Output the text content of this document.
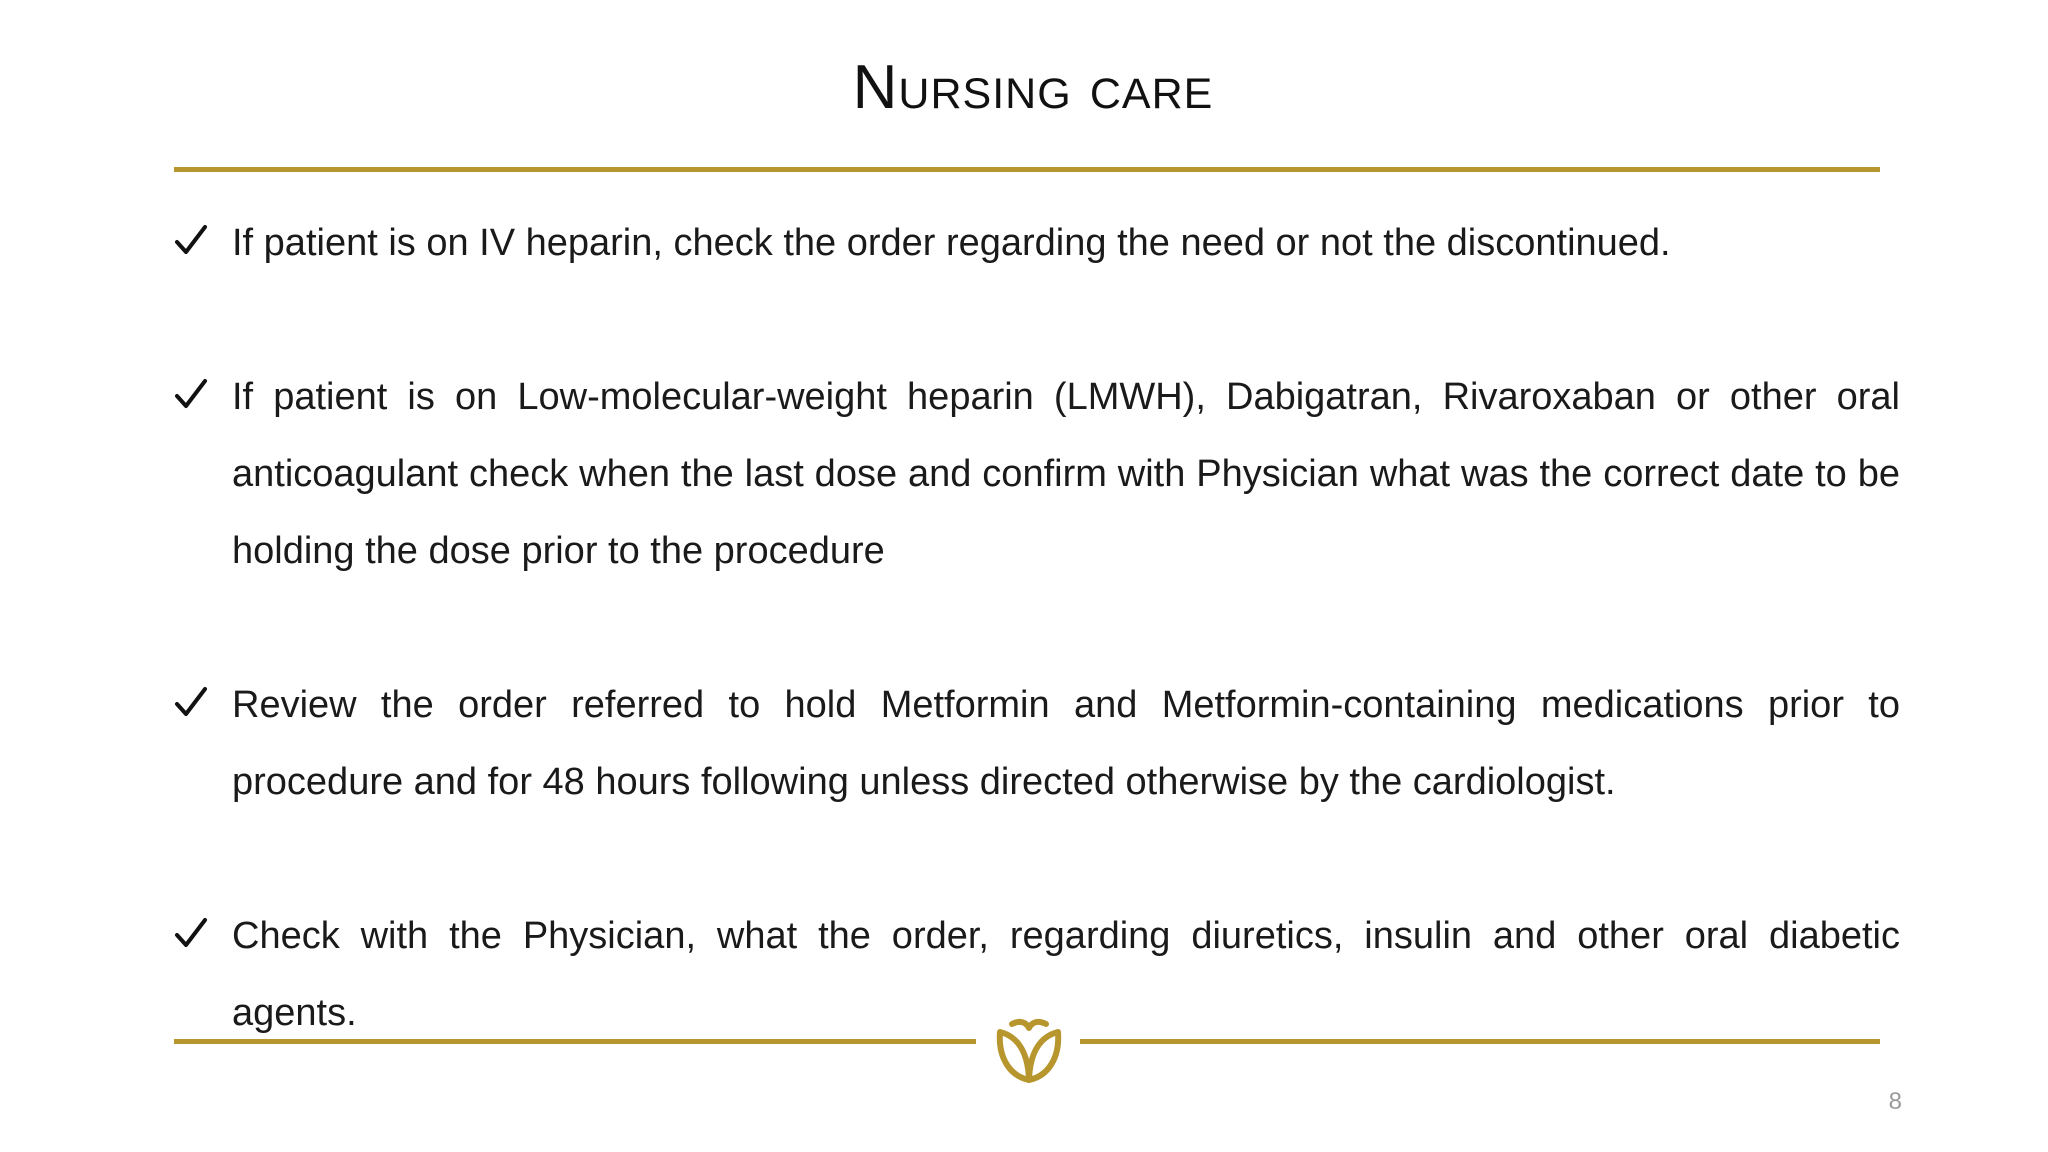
Nursing care
If patient is on IV heparin, check the order regarding the need or not the discontinued.
If patient is on Low-molecular-weight heparin (LMWH), Dabigatran, Rivaroxaban or other oral anticoagulant check when the last dose and confirm with Physician what was the correct date to be holding the dose prior to the procedure
Review the order referred to hold Metformin and Metformin-containing medications prior to procedure and for 48 hours following unless directed otherwise by the cardiologist.
Check with the Physician, what the order, regarding diuretics, insulin and other oral diabetic agents.
8
